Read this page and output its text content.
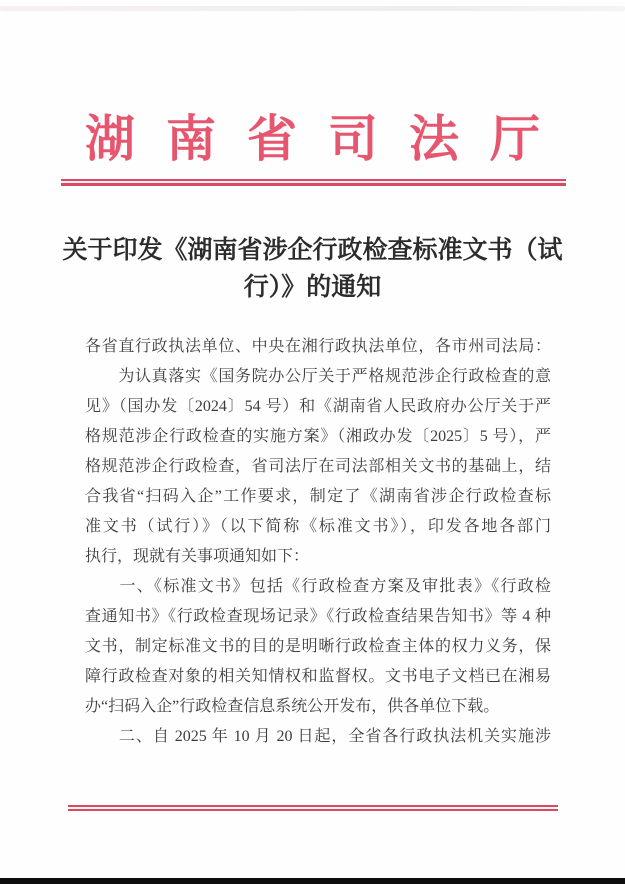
湖南省司法厅
关于印发《湖南省涉企行政检查标准文书（试
行）》的通知
各省直行政执法单位、中央在湘行政执法单位，各市州司法局：
　　为认真落实《国务院办公厅关于严格规范涉企行政检查的意
见》（国办发〔2024〕54 号）和《湖南省人民政府办公厅关于严
格规范涉企行政检查的实施方案》（湘政办发〔2025〕5 号），严
格规范涉企行政检查，省司法厅在司法部相关文书的基础上，结
合我省“扫码入企”工作要求，制定了《湖南省涉企行政检查标
准文书（试行）》（以下简称《标准文书》），印发各地各部门
执行，现就有关事项通知如下：
　　一、《标准文书》包括《行政检查方案及审批表》《行政检
查通知书》《行政检查现场记录》《行政检查结果告知书》等 4 种
文书，制定标准文书的目的是明晰行政检查主体的权力义务，保
障行政检查对象的相关知情权和监督权。文书电子文档已在湘易
办“扫码入企”行政检查信息系统公开发布，供各单位下载。
　　二、自 2025 年 10 月 20 日起，全省各行政执法机关实施涉
